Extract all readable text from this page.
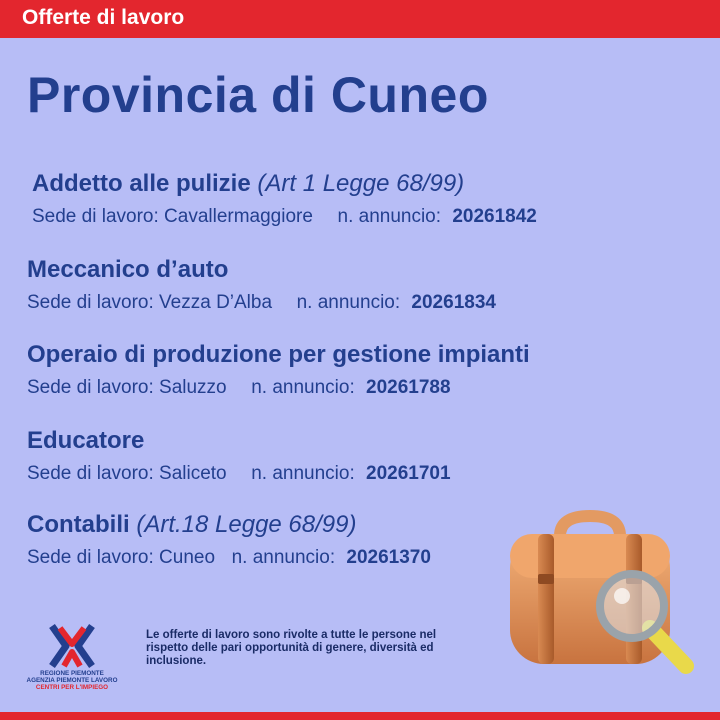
Offerte di lavoro
Provincia di Cuneo
Addetto alle pulizie (Art 1 Legge 68/99)
Sede di lavoro: Cavallermaggiore n. annuncio: 20261842
Meccanico d’auto
Sede di lavoro: Vezza D’Alba n. annuncio: 20261834
Operaio di produzione per gestione impianti
Sede di lavoro: Saluzzo n. annuncio: 20261788
Educatore
Sede di lavoro: Saliceto n. annuncio: 20261701
Contabili (Art.18 Legge 68/99)
Sede di lavoro: Cuneo n. annuncio: 20261370
REGIONE PIEMONTE
AGENZIA PIEMONTE LAVORO
CENTRI PER L'IMPIEGO
Le offerte di lavoro sono rivolte a tutte le persone nel rispetto delle pari opportunità di genere, diversità ed inclusione.
